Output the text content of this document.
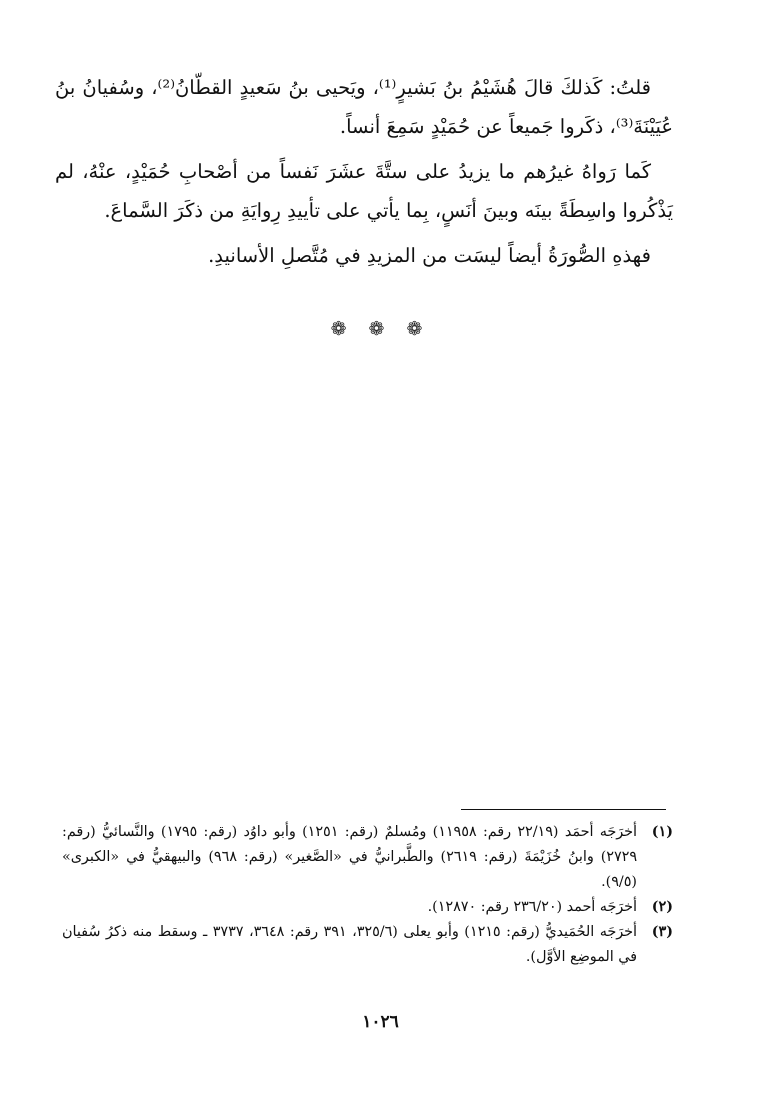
قلتُ: كَذلكَ قالَ هُشَيْمُ بنُ بَشيرٍ⁽¹⁾، ويَحيى بنُ سَعيدٍ القطّانُ⁽²⁾، وسُفيانُ بنُ عُيَيْنَةَ⁽³⁾، ذكَروا جَميعاً عن حُمَيْدٍ سَمِعَ أنساً.

كَما رَواهُ غيرُهم ما يزيدُ على ستَّةَ عشَرَ نَفساً من أصْحابِ حُمَيْدٍ، عنْهُ، لم يَذْكُروا واسِطَةً بينَه وبينَ أنَسٍ، بِما يأتي على تأييدِ رِوايَةِ من ذكَرَ السَّماعَ.

فهذهِ الصُّورَةُ أيضاً ليسَت من المزيدِ في مُتَّصلِ الأسانيدِ.

❁ ❁ ❁
(١)
أخرَجَه أحمَد (٢٢/١٩ رقم: ١١٩٥٨) ومُسلمٌ (رقم: ١٢٥١) وأبو داوُد (رقم: ١٧٩٥) والنَّسائيُّ (رقم: ٢٧٢٩) وابنُ خُزَيْمَةَ (رقم: ٢٦١٩) والطَّبرانيُّ في «الصَّغير» (رقم: ٩٦٨) والبيهقيُّ في «الكبرى» (٩/٥).
(٢)
أخرَجَه أحمد (٢٣٦/٢٠ رقم: ١٢٨٧٠).
(٣)
أخرَجَه الحُمَيديُّ (رقم: ١٢١٥) وأبو يعلى (٣٢٥/٦، ٣٩١ رقم: ٣٦٤٨، ٣٧٣٧ ـ وسقط منه ذكرُ سُفيان في الموضِع الأوَّل).
١٠٢٦
